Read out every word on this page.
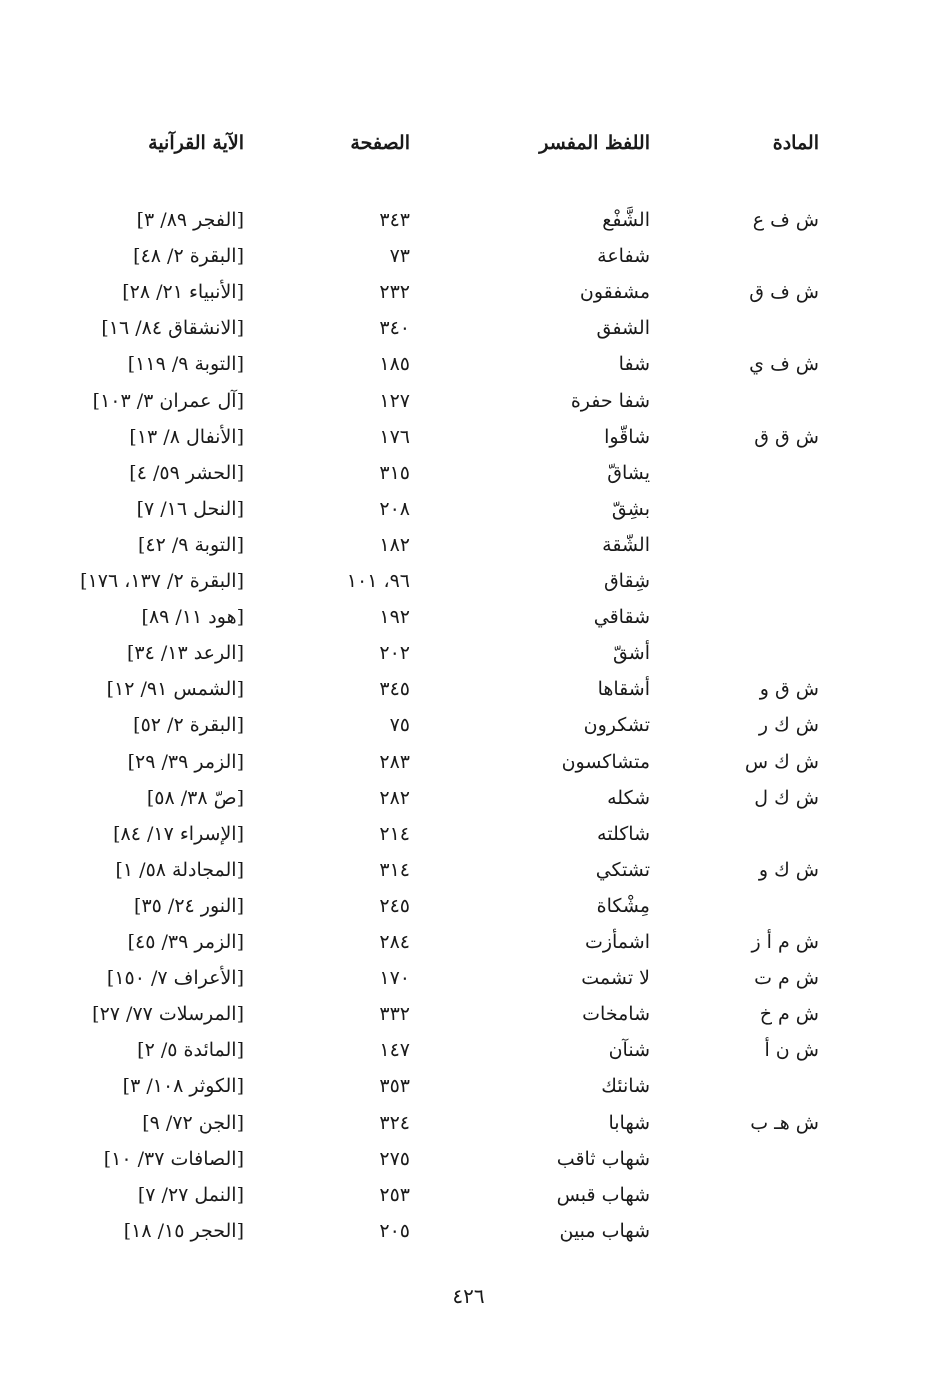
المادة
اللفظ المفسر
الصفحة
الآية القرآنية
ش ف ع
الشَّفْع
٣٤٣
[الفجر ٨٩/ ٣]
شفاعة
٧٣
[البقرة ٢/ ٤٨]
ش ف ق
مشفقون
٢٣٢
[الأنبياء ٢١/ ٢٨]
الشفق
٣٤٠
[الانشقاق ٨٤/ ١٦]
ش ف ي
شفا
١٨٥
[التوبة ٩/ ١١٩]
شفا حفرة
١٢٧
[آل عمران ٣/ ١٠٣]
ش ق ق
شاقّوا
١٧٦
[الأنفال ٨/ ١٣]
يشاقّ
٣١٥
[الحشر ٥٩/ ٤]
بشِقّ
٢٠٨
[النحل ١٦/ ٧]
الشّقة
١٨٢
[التوبة ٩/ ٤٢]
شِقاق
٩٦، ١٠١
[البقرة ٢/ ١٣٧، ١٧٦]
شقاقي
١٩٢
[هود ١١/ ٨٩]
أشقّ
٢٠٢
[الرعد ١٣/ ٣٤]
ش ق و
أشقاها
٣٤٥
[الشمس ٩١/ ١٢]
ش ك ر
تشكرون
٧٥
[البقرة ٢/ ٥٢]
ش ك س
متشاكسون
٢٨٣
[الزمر ٣٩/ ٢٩]
ش ك ل
شكله
٢٨٢
[صّ ٣٨/ ٥٨]
شاكلته
٢١٤
[الإسراء ١٧/ ٨٤]
ش ك و
تشتكي
٣١٤
[المجادلة ٥٨/ ١]
مِشْكاة
٢٤٥
[النور ٢٤/ ٣٥]
ش م أ ز
اشمأزت
٢٨٤
[الزمر ٣٩/ ٤٥]
ش م ت
لا تشمت
١٧٠
[الأعراف ٧/ ١٥٠]
ش م خ
شامخات
٣٣٢
[المرسلات ٧٧/ ٢٧]
ش ن أ
شنآن
١٤٧
[المائدة ٥/ ٢]
شانئك
٣٥٣
[الكوثر ١٠٨/ ٣]
ش هـ ب
شهابا
٣٢٤
[الجن ٧٢/ ٩]
شهاب ثاقب
٢٧٥
[الصافات ٣٧/ ١٠]
شهاب قبس
٢٥٣
[النمل ٢٧/ ٧]
شهاب مبين
٢٠٥
[الحجر ١٥/ ١٨]
٤٢٦
